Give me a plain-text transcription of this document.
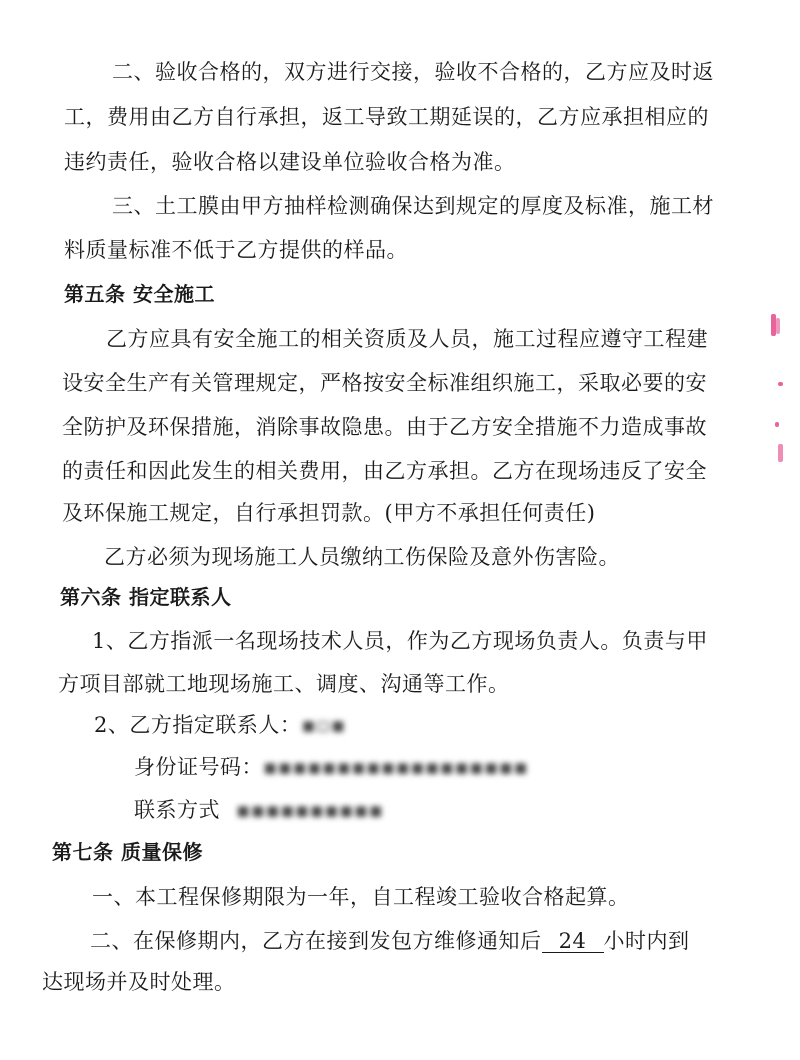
二、验收合格的，双方进行交接，验收不合格的，乙方应及时返
工，费用由乙方自行承担，返工导致工期延误的，乙方应承担相应的
违约责任，验收合格以建设单位验收合格为准。
三、土工膜由甲方抽样检测确保达到规定的厚度及标准，施工材
料质量标准不低于乙方提供的样品。
第五条 安全施工
乙方应具有安全施工的相关资质及人员，施工过程应遵守工程建
设安全生产有关管理规定，严格按安全标准组织施工，采取必要的安
全防护及环保措施，消除事故隐患。由于乙方安全措施不力造成事故
的责任和因此发生的相关费用，由乙方承担。乙方在现场违反了安全
及环保施工规定，自行承担罚款。(甲方不承担任何责任)
乙方必须为现场施工人员缴纳工伤保险及意外伤害险。
第六条 指定联系人
1、乙方指派一名现场技术人员，作为乙方现场负责人。负责与甲
方项目部就工地现场施工、调度、沟通等工作。
2、乙方指定联系人：▪▫▪
身份证号码：▪▪▪▪▪▪▪▪▪▪▪▪▪▪▪▪▪▪
联系方式 ▪▪▪▪▪▪▪▪▪▪
第七条 质量保修
一、本工程保修期限为一年，自工程竣工验收合格起算。
二、在保修期内，乙方在接到发包方维修通知后 24 小时内到
达现场并及时处理。
